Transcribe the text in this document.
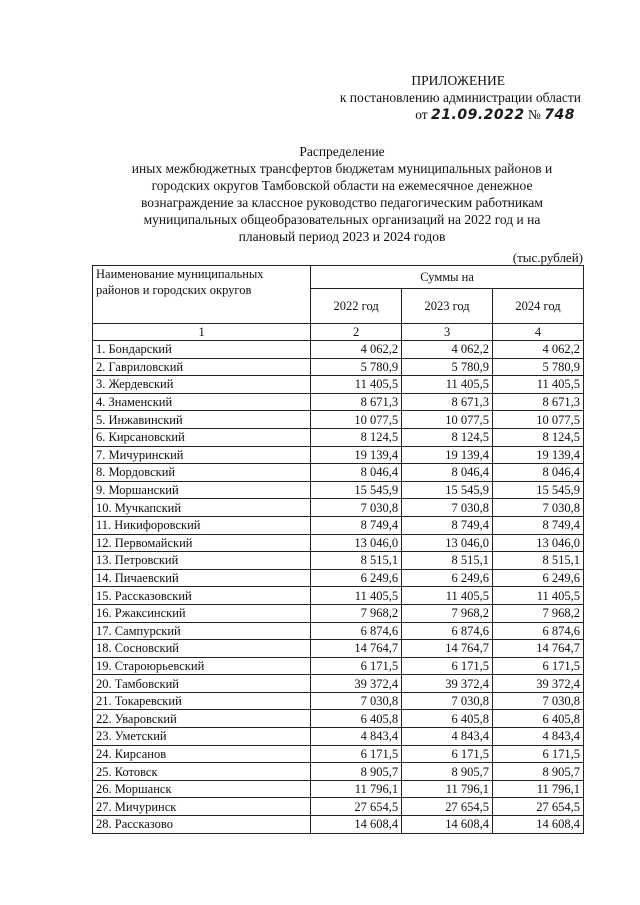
ПРИЛОЖЕНИЕ
к постановлению администрации области
от 21.09.2022 № 748
Распределение
иных межбюджетных трансфертов бюджетам муниципальных районов и
городских округов Тамбовской области на ежемесячное денежное
вознаграждение за классное руководство педагогическим работникам
муниципальных общеобразовательных организаций на 2022 год и на
плановый период 2023 и 2024 годов
(тыс.рублей)
Наименование муниципальных районов и городских округов	Суммы на		
	2022 год	2023 год	2024 год
1	2	3	4
1. Бондарский	4 062,2	4 062,2	4 062,2
2. Гавриловский	5 780,9	5 780,9	5 780,9
3. Жердевский	11 405,5	11 405,5	11 405,5
4. Знаменский	8 671,3	8 671,3	8 671,3
5. Инжавинский	10 077,5	10 077,5	10 077,5
6. Кирсановский	8 124,5	8 124,5	8 124,5
7. Мичуринский	19 139,4	19 139,4	19 139,4
8. Мордовский	8 046,4	8 046,4	8 046,4
9. Моршанский	15 545,9	15 545,9	15 545,9
10. Мучкапский	7 030,8	7 030,8	7 030,8
11. Никифоровский	8 749,4	8 749,4	8 749,4
12. Первомайский	13 046,0	13 046,0	13 046,0
13. Петровский	8 515,1	8 515,1	8 515,1
14. Пичаевский	6 249,6	6 249,6	6 249,6
15. Рассказовский	11 405,5	11 405,5	11 405,5
16. Ржаксинский	7 968,2	7 968,2	7 968,2
17. Сампурский	6 874,6	6 874,6	6 874,6
18. Сосновский	14 764,7	14 764,7	14 764,7
19. Староюрьевский	6 171,5	6 171,5	6 171,5
20. Тамбовский	39 372,4	39 372,4	39 372,4
21. Токаревский	7 030,8	7 030,8	7 030,8
22. Уваровский	6 405,8	6 405,8	6 405,8
23. Уметский	4 843,4	4 843,4	4 843,4
24. Кирсанов	6 171,5	6 171,5	6 171,5
25. Котовск	8 905,7	8 905,7	8 905,7
26. Моршанск	11 796,1	11 796,1	11 796,1
27. Мичуринск	27 654,5	27 654,5	27 654,5
28. Рассказово	14 608,4	14 608,4	14 608,4
